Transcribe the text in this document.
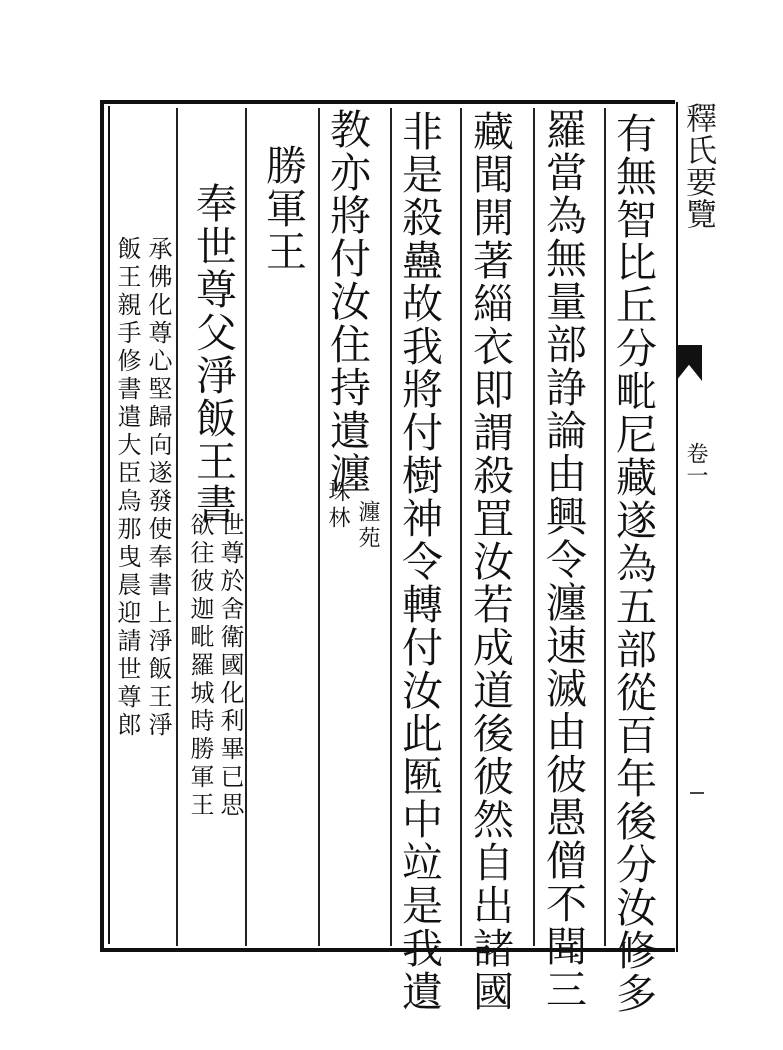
釋氏要覽
卷一
有無智比丘分毗尼藏遂為五部從百年後分汝修多
羅當為無量部諍論由興令瀍速滅由彼愚僧不聞三
藏聞開著緇衣即謂殺罝汝若成道後彼然自出諸國
非是殺蠱故我將付樹神令轉付汝此匦中竝是我遺
教亦將付汝住持遺瀍
瀍苑
珠林
勝軍王
奉世尊父淨飯王書
世尊於舍衛國化利畢已思
欲往彼迦毗羅城時勝軍王
承佛化尊心堅歸向遂發使奉書上淨飯王淨
飯王親手修書遣大臣烏那曳晨迎請世尊郎
